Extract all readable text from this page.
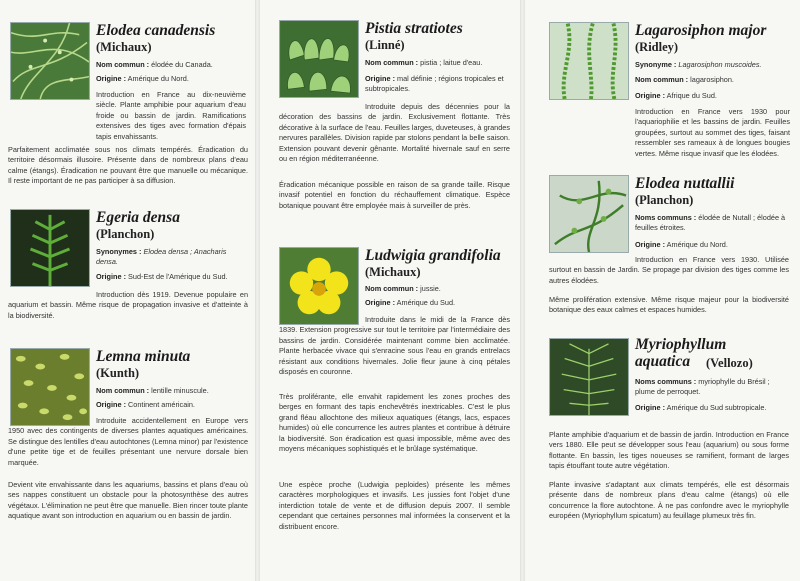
Elodea canadensis
(Michaux)
Nom commun : élodée du Canada.
Origine : Amérique du Nord.
Introduction en France au dix-neuvième siècle. Plante amphibie pour aquarium d'eau froide ou bassin de jardin. Ramifications extensives des tiges avec formation d'épais tapis envahissants.
Parfaitement acclimatée sous nos climats tempérés. Éradication du territoire désormais illusoire. Présente dans de nombreux plans d'eau calme (étangs). Éradication ne pouvant être que manuelle ou mécanique. Il reste important de ne pas participer à sa diffusion.
Egeria densa
(Planchon)
Synonymes : Elodea densa ; Anacharis densa.
Origine : Sud-Est de l'Amérique du Sud.
Introduction dès 1919. Devenue populaire en aquarium et bassin. Même risque de propagation invasive et d'atteinte à la biodiversité.
Lemna minuta
(Kunth)
Nom commun : lentille minuscule.
Origine : Continent américain.
Introduite accidentellement en Europe vers 1950 avec des contingents de diverses plantes aquatiques américaines. Se distingue des lentilles d'eau autochtones (Lemna minor) par l'existence d'une petite tige et de feuilles présentant une nervure dorsale bien marquée.
Devient vite envahissante dans les aquariums, bassins et plans d'eau où ses nappes constituent un obstacle pour la photosynthèse des autres végétaux. L'élimination ne peut être que manuelle. Bien rincer toute plante aquatique avant son introduction en aquarium ou en bassin de jardin.
Pistia stratiotes
(Linné)
Nom commun : pistia ; laitue d'eau.
Origine : mal définie ; régions tropicales et subtropicales.
Introduite depuis des décennies pour la décoration des bassins de jardin. Exclusivement flottante. Très décorative à la surface de l'eau. Feuilles larges, duveteuses, à grandes nervures parallèles. Division rapide par stolons pendant la belle saison. Extension pouvant devenir gênante. Mortalité hivernale sauf en serre ou en région méditerranéenne.
Éradication mécanique possible en raison de sa grande taille. Risque invasif potentiel en fonction du réchauffement climatique. Espèce botanique pouvant être employée mais à surveiller de près.
Ludwigia grandifolia
(Michaux)
Nom commun : jussie.
Origine : Amérique du Sud.
Introduite dans le midi de la France dès 1839. Extension progressive sur tout le territoire par l'intermédiaire des bassins de jardin. Considérée maintenant comme bien acclimatée. Plante herbacée vivace qui s'enracine sous l'eau en grands entrelacs résistant aux conditions hivernales. Jolie fleur jaune à cinq pétales disposés en couronne.
Très proliférante, elle envahit rapidement les zones proches des berges en formant des tapis enchevêtrés inextricables. C'est le plus grand fléau allochtone des milieux aquatiques (étangs, lacs, espaces humides) où elle concurrence les autres plantes et contribue à détruire la biodiversité. Son éradication est quasi impossible, même avec des moyens mécaniques sophistiqués et le brûlage systématique.
Une espèce proche (Ludwigia peploides) présente les mêmes caractères morphologiques et invasifs. Les jussies font l'objet d'une interdiction totale de vente et de diffusion depuis 2007. Il semble cependant que certaines personnes mal informées la conservent et la distribuent encore.
Lagarosiphon major
(Ridley)
Synonyme : Lagarosiphon muscoides.
Nom commun : lagarosiphon.
Origine : Afrique du Sud.
Introduction en France vers 1930 pour l'aquariophilie et les bassins de jardin. Feuilles groupées, surtout au sommet des tiges, faisant ressembler ses rameaux à de longues bougies vertes. Même risque invasif que les élodées.
Elodea nuttallii
(Planchon)
Noms communs : élodée de Nutall ; élodée à feuilles étroites.
Origine : Amérique du Nord.
Introduction en France vers 1930. Utilisée surtout en bassin de Jardin. Se propage par division des tiges comme les autres élodées.
Même prolifération extensive. Même risque majeur pour la biodiversité botanique des eaux calmes et espaces humides.
Myriophyllum aquatica	(Vellozo)
Noms communs : myriophylle du Brésil ; plume de perroquet.
Origine : Amérique du Sud subtropicale.
Plante amphibie d'aquarium et de bassin de jardin. Introduction en France vers 1880. Elle peut se développer sous l'eau (aquarium) ou sous forme flottante. En bassin, les tiges noueuses se ramifient, formant de larges tapis étouffant toute autre végétation.
Plante invasive s'adaptant aux climats tempérés, elle est désormais présente dans de nombreux plans d'eau calme (étangs) où elle concurrence la flore autochtone. À ne pas confondre avec le myriophylle européen (Myriophyllum spicatum) au feuillage plumeux très fin.
